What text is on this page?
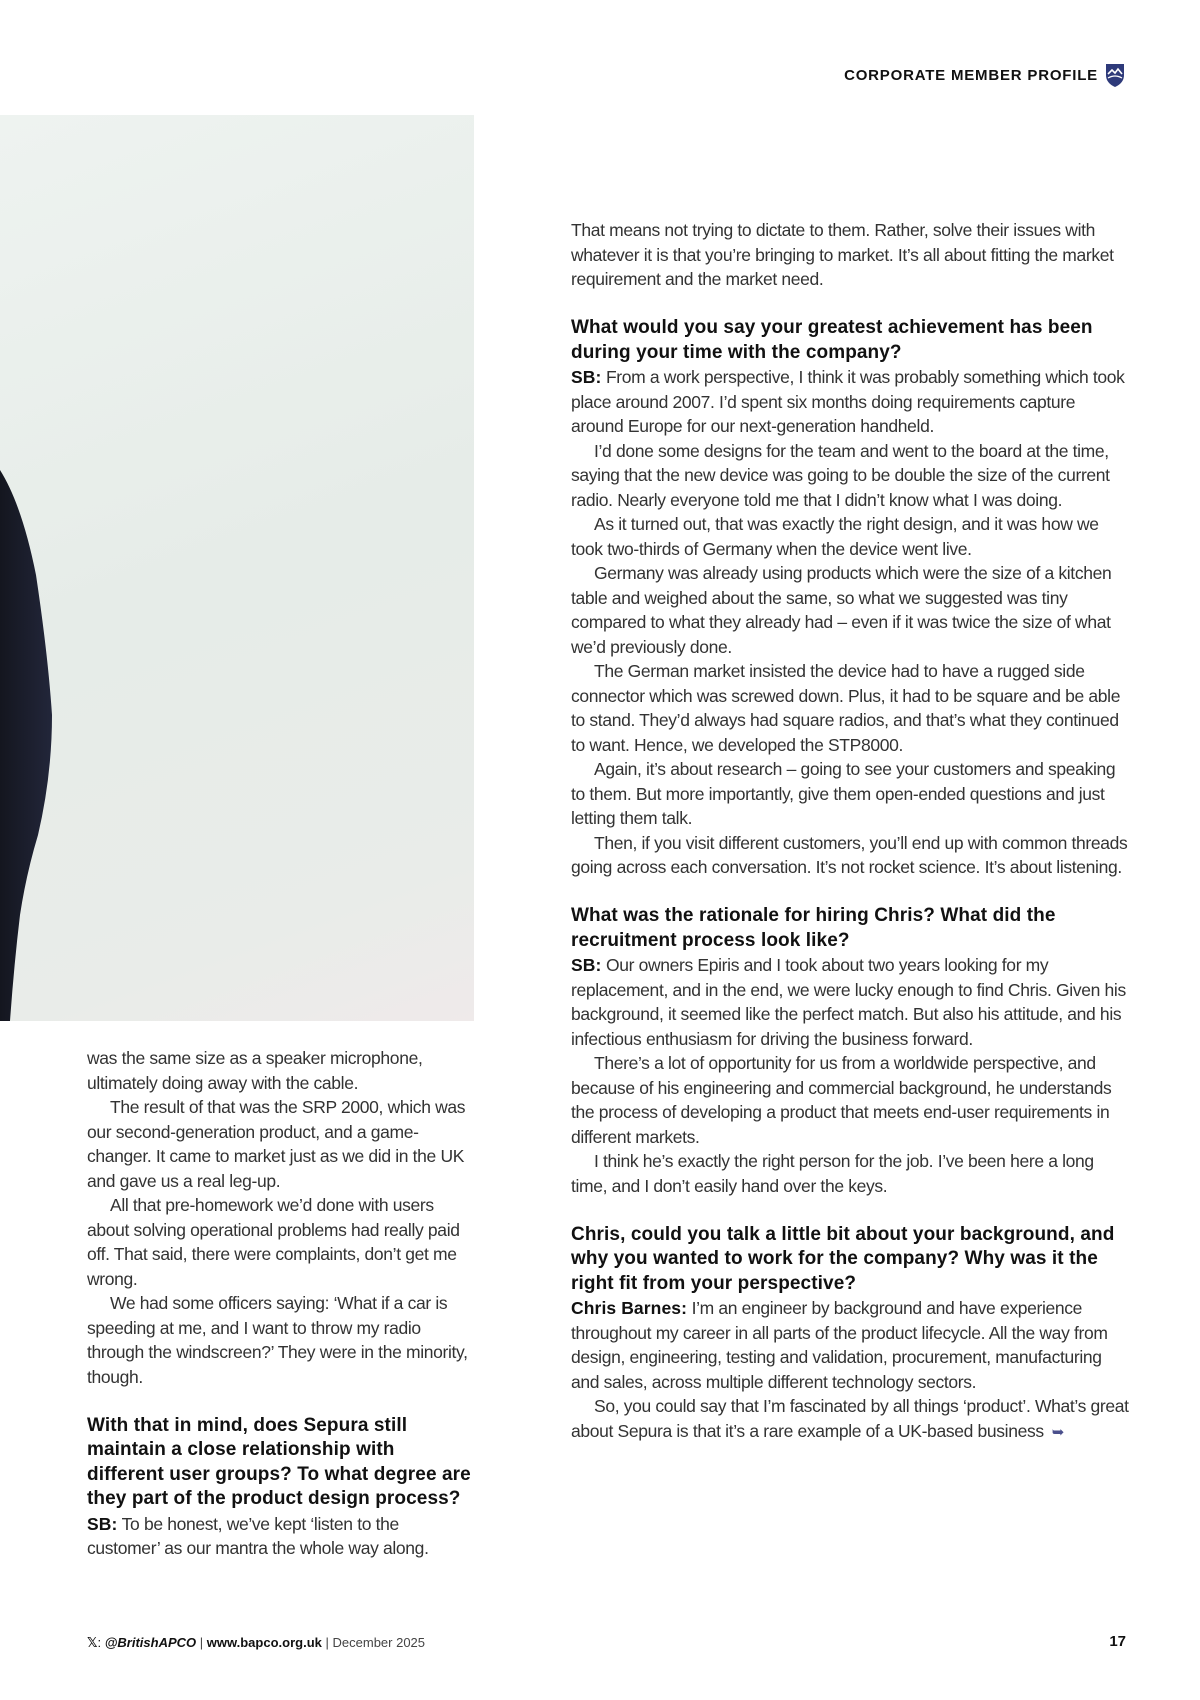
CORPORATE MEMBER PROFILE

was the same size as a speaker microphone, ultimately doing away with the cable.

The result of that was the SRP 2000, which was our second-generation product, and a game-changer. It came to market just as we did in the UK and gave us a real leg-up.

All that pre-homework we’d done with users about solving operational problems had really paid off. That said, there were complaints, don’t get me wrong.

We had some officers saying: ‘What if a car is speeding at me, and I want to throw my radio through the windscreen?’ They were in the minority, though.

With that in mind, does Sepura still maintain a close relationship with different user groups? To what degree are they part of the product design process?

SB: To be honest, we’ve kept ‘listen to the customer’ as our mantra the whole way along.

That means not trying to dictate to them. Rather, solve their issues with whatever it is that you’re bringing to market. It’s all about fitting the market requirement and the market need.

What would you say your greatest achievement has been during your time with the company?

SB: From a work perspective, I think it was probably something which took place around 2007. I’d spent six months doing requirements capture around Europe for our next-generation handheld.

I’d done some designs for the team and went to the board at the time, saying that the new device was going to be double the size of the current radio. Nearly everyone told me that I didn’t know what I was doing.

As it turned out, that was exactly the right design, and it was how we took two-thirds of Germany when the device went live.

Germany was already using products which were the size of a kitchen table and weighed about the same, so what we suggested was tiny compared to what they already had – even if it was twice the size of what we’d previously done.

The German market insisted the device had to have a rugged side connector which was screwed down. Plus, it had to be square and be able to stand. They’d always had square radios, and that’s what they continued to want. Hence, we developed the STP8000.

Again, it’s about research – going to see your customers and speaking to them. But more importantly, give them open-ended questions and just letting them talk.

Then, if you visit different customers, you’ll end up with common threads going across each conversation. It’s not rocket science. It’s about listening.

What was the rationale for hiring Chris? What did the recruitment process look like?

SB: Our owners Epiris and I took about two years looking for my replacement, and in the end, we were lucky enough to find Chris. Given his background, it seemed like the perfect match. But also his attitude, and his infectious enthusiasm for driving the business forward.

There’s a lot of opportunity for us from a worldwide perspective, and because of his engineering and commercial background, he understands the process of developing a product that meets end-user requirements in different markets.

I think he’s exactly the right person for the job. I’ve been here a long time, and I don’t easily hand over the keys.

Chris, could you talk a little bit about your background, and why you wanted to work for the company? Why was it the right fit from your perspective?

Chris Barnes: I’m an engineer by background and have experience throughout my career in all parts of the product lifecycle. All the way from design, engineering, testing and validation, procurement, manufacturing and sales, across multiple different technology sectors.

So, you could say that I’m fascinated by all things ‘product’. What’s great about Sepura is that it’s a rare example of a UK-based business ➥

𝕏: @BritishAPCO | www.bapco.org.uk | December 2025	17
